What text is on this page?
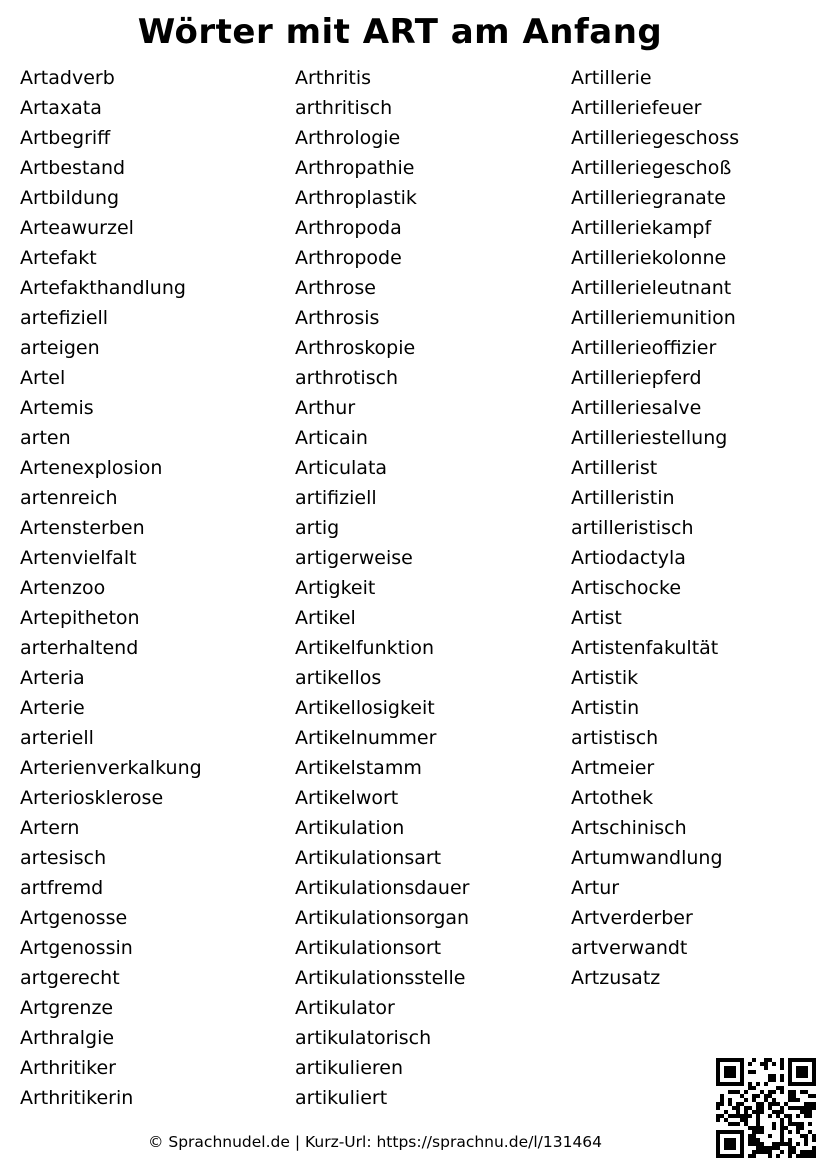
Wörter mit ART am Anfang
Artadverb
Artaxata
Artbegriff
Artbestand
Artbildung
Arteawurzel
Artefakt
Artefakthandlung
artefiziell
arteigen
Artel
Artemis
arten
Artenexplosion
artenreich
Artensterben
Artenvielfalt
Artenzoo
Artepitheton
arterhaltend
Arteria
Arterie
arteriell
Arterienverkalkung
Arteriosklerose
Artern
artesisch
artfremd
Artgenosse
Artgenossin
artgerecht
Artgrenze
Arthralgie
Arthritiker
Arthritikerin
Arthritis
arthritisch
Arthrologie
Arthropathie
Arthroplastik
Arthropoda
Arthropode
Arthrose
Arthrosis
Arthroskopie
arthrotisch
Arthur
Articain
Articulata
artifiziell
artig
artigerweise
Artigkeit
Artikel
Artikelfunktion
artikellos
Artikellosigkeit
Artikelnummer
Artikelstamm
Artikelwort
Artikulation
Artikulationsart
Artikulationsdauer
Artikulationsorgan
Artikulationsort
Artikulationsstelle
Artikulator
artikulatorisch
artikulieren
artikuliert
Artillerie
Artilleriefeuer
Artilleriegeschoss
Artilleriegeschoß
Artilleriegranate
Artilleriekampf
Artilleriekolonne
Artillerieleutnant
Artilleriemunition
Artillerieoffizier
Artilleriepferd
Artilleriesalve
Artilleriestellung
Artillerist
Artilleristin
artilleristisch
Artiodactyla
Artischocke
Artist
Artistenfakultät
Artistik
Artistin
artistisch
Artmeier
Artothek
Artschinisch
Artumwandlung
Artur
Artverderber
artverwandt
Artzusatz
© Sprachnudel.de | Kurz-Url: https://sprachnu.de/l/131464
